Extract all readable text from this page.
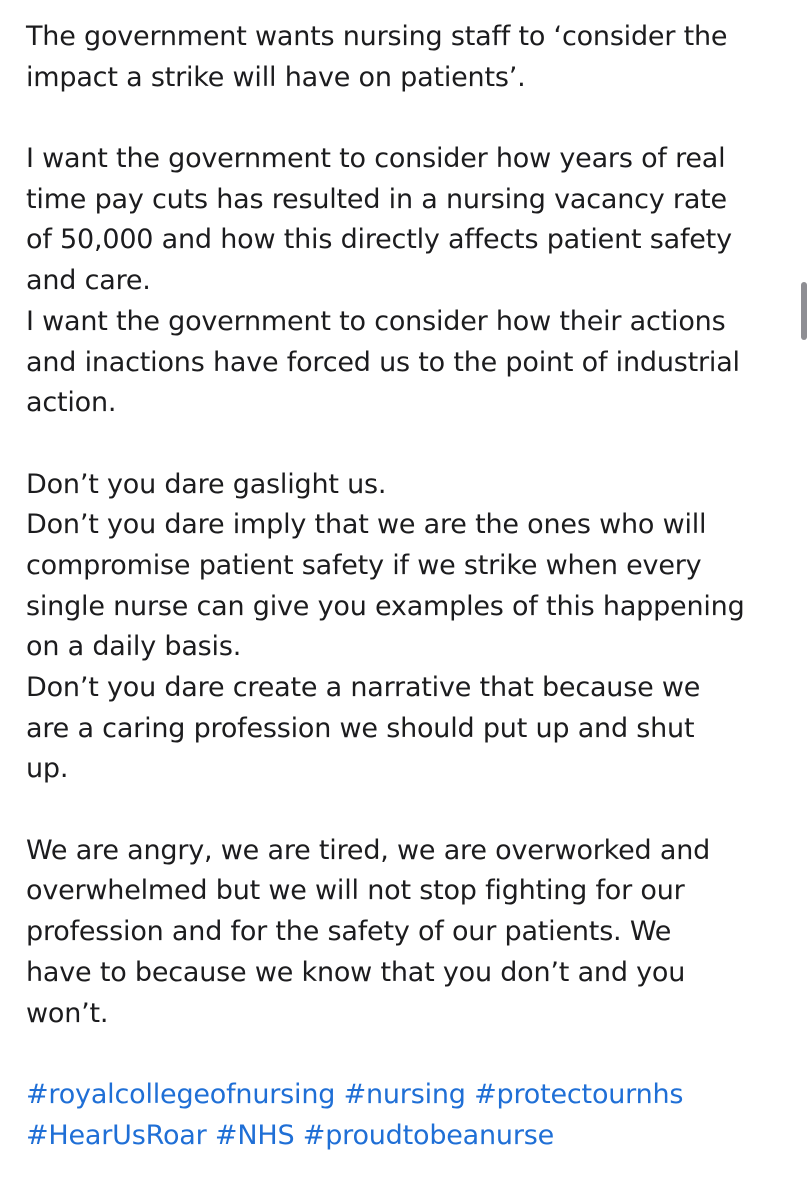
The government wants nursing staff to ‘consider the
impact a strike will have on patients’.
I want the government to consider how years of real
time pay cuts has resulted in a nursing vacancy rate
of 50,000 and how this directly affects patient safety
and care.
I want the government to consider how their actions
and inactions have forced us to the point of industrial
action.
Don’t you dare gaslight us.
Don’t you dare imply that we are the ones who will
compromise patient safety if we strike when every
single nurse can give you examples of this happening
on a daily basis.
Don’t you dare create a narrative that because we
are a caring profession we should put up and shut
up.
We are angry, we are tired, we are overworked and
overwhelmed but we will not stop fighting for our
profession and for the safety of our patients. We
have to because we know that you don’t and you
won’t.
#royalcollegeofnursing #nursing #protectournhs
#HearUsRoar #NHS #proudtobeanurse
